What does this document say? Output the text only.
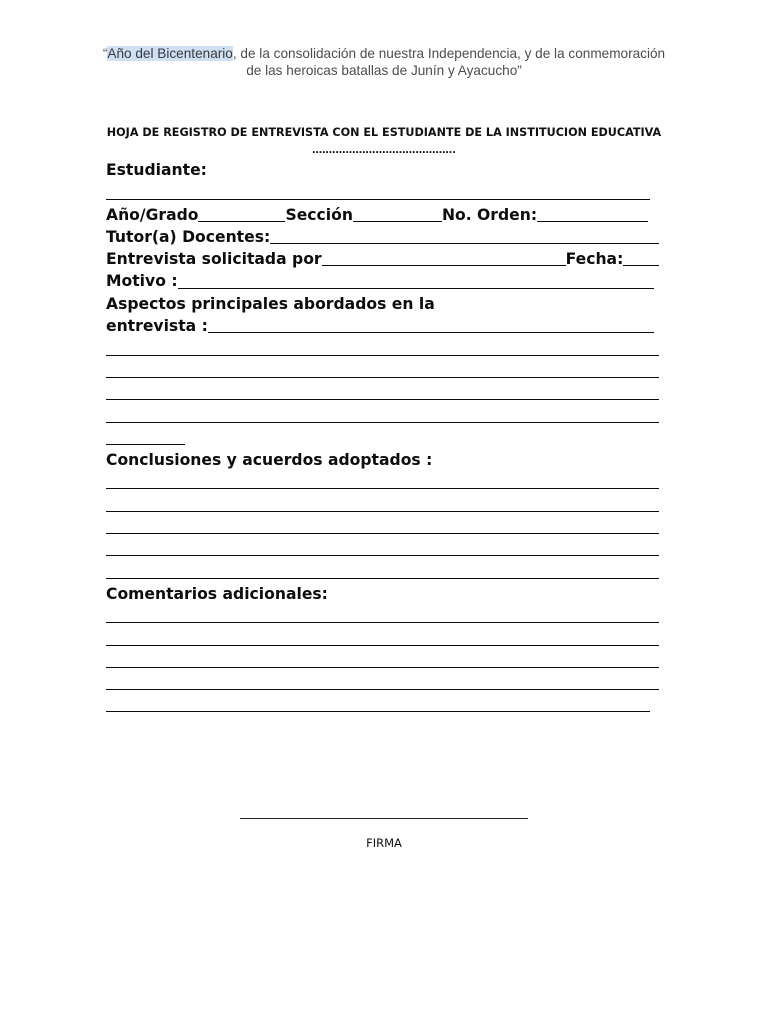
“Año del Bicentenario, de la consolidación de nuestra Independencia, y de la conmemoración de las heroicas batallas de Junín y Ayacucho”
HOJA DE REGISTRO DE ENTREVISTA CON EL ESTUDIANTE DE LA INSTITUCION EDUCATIVA
…………………………………….
Estudiante:
Año/Grado	Sección	No. Orden:
Tutor(a) Docentes:
Entrevista solicitada por	Fecha:
Motivo :
Aspectos principales abordados en la
entrevista :
Conclusiones y acuerdos adoptados :
Comentarios adicionales:
FIRMA
